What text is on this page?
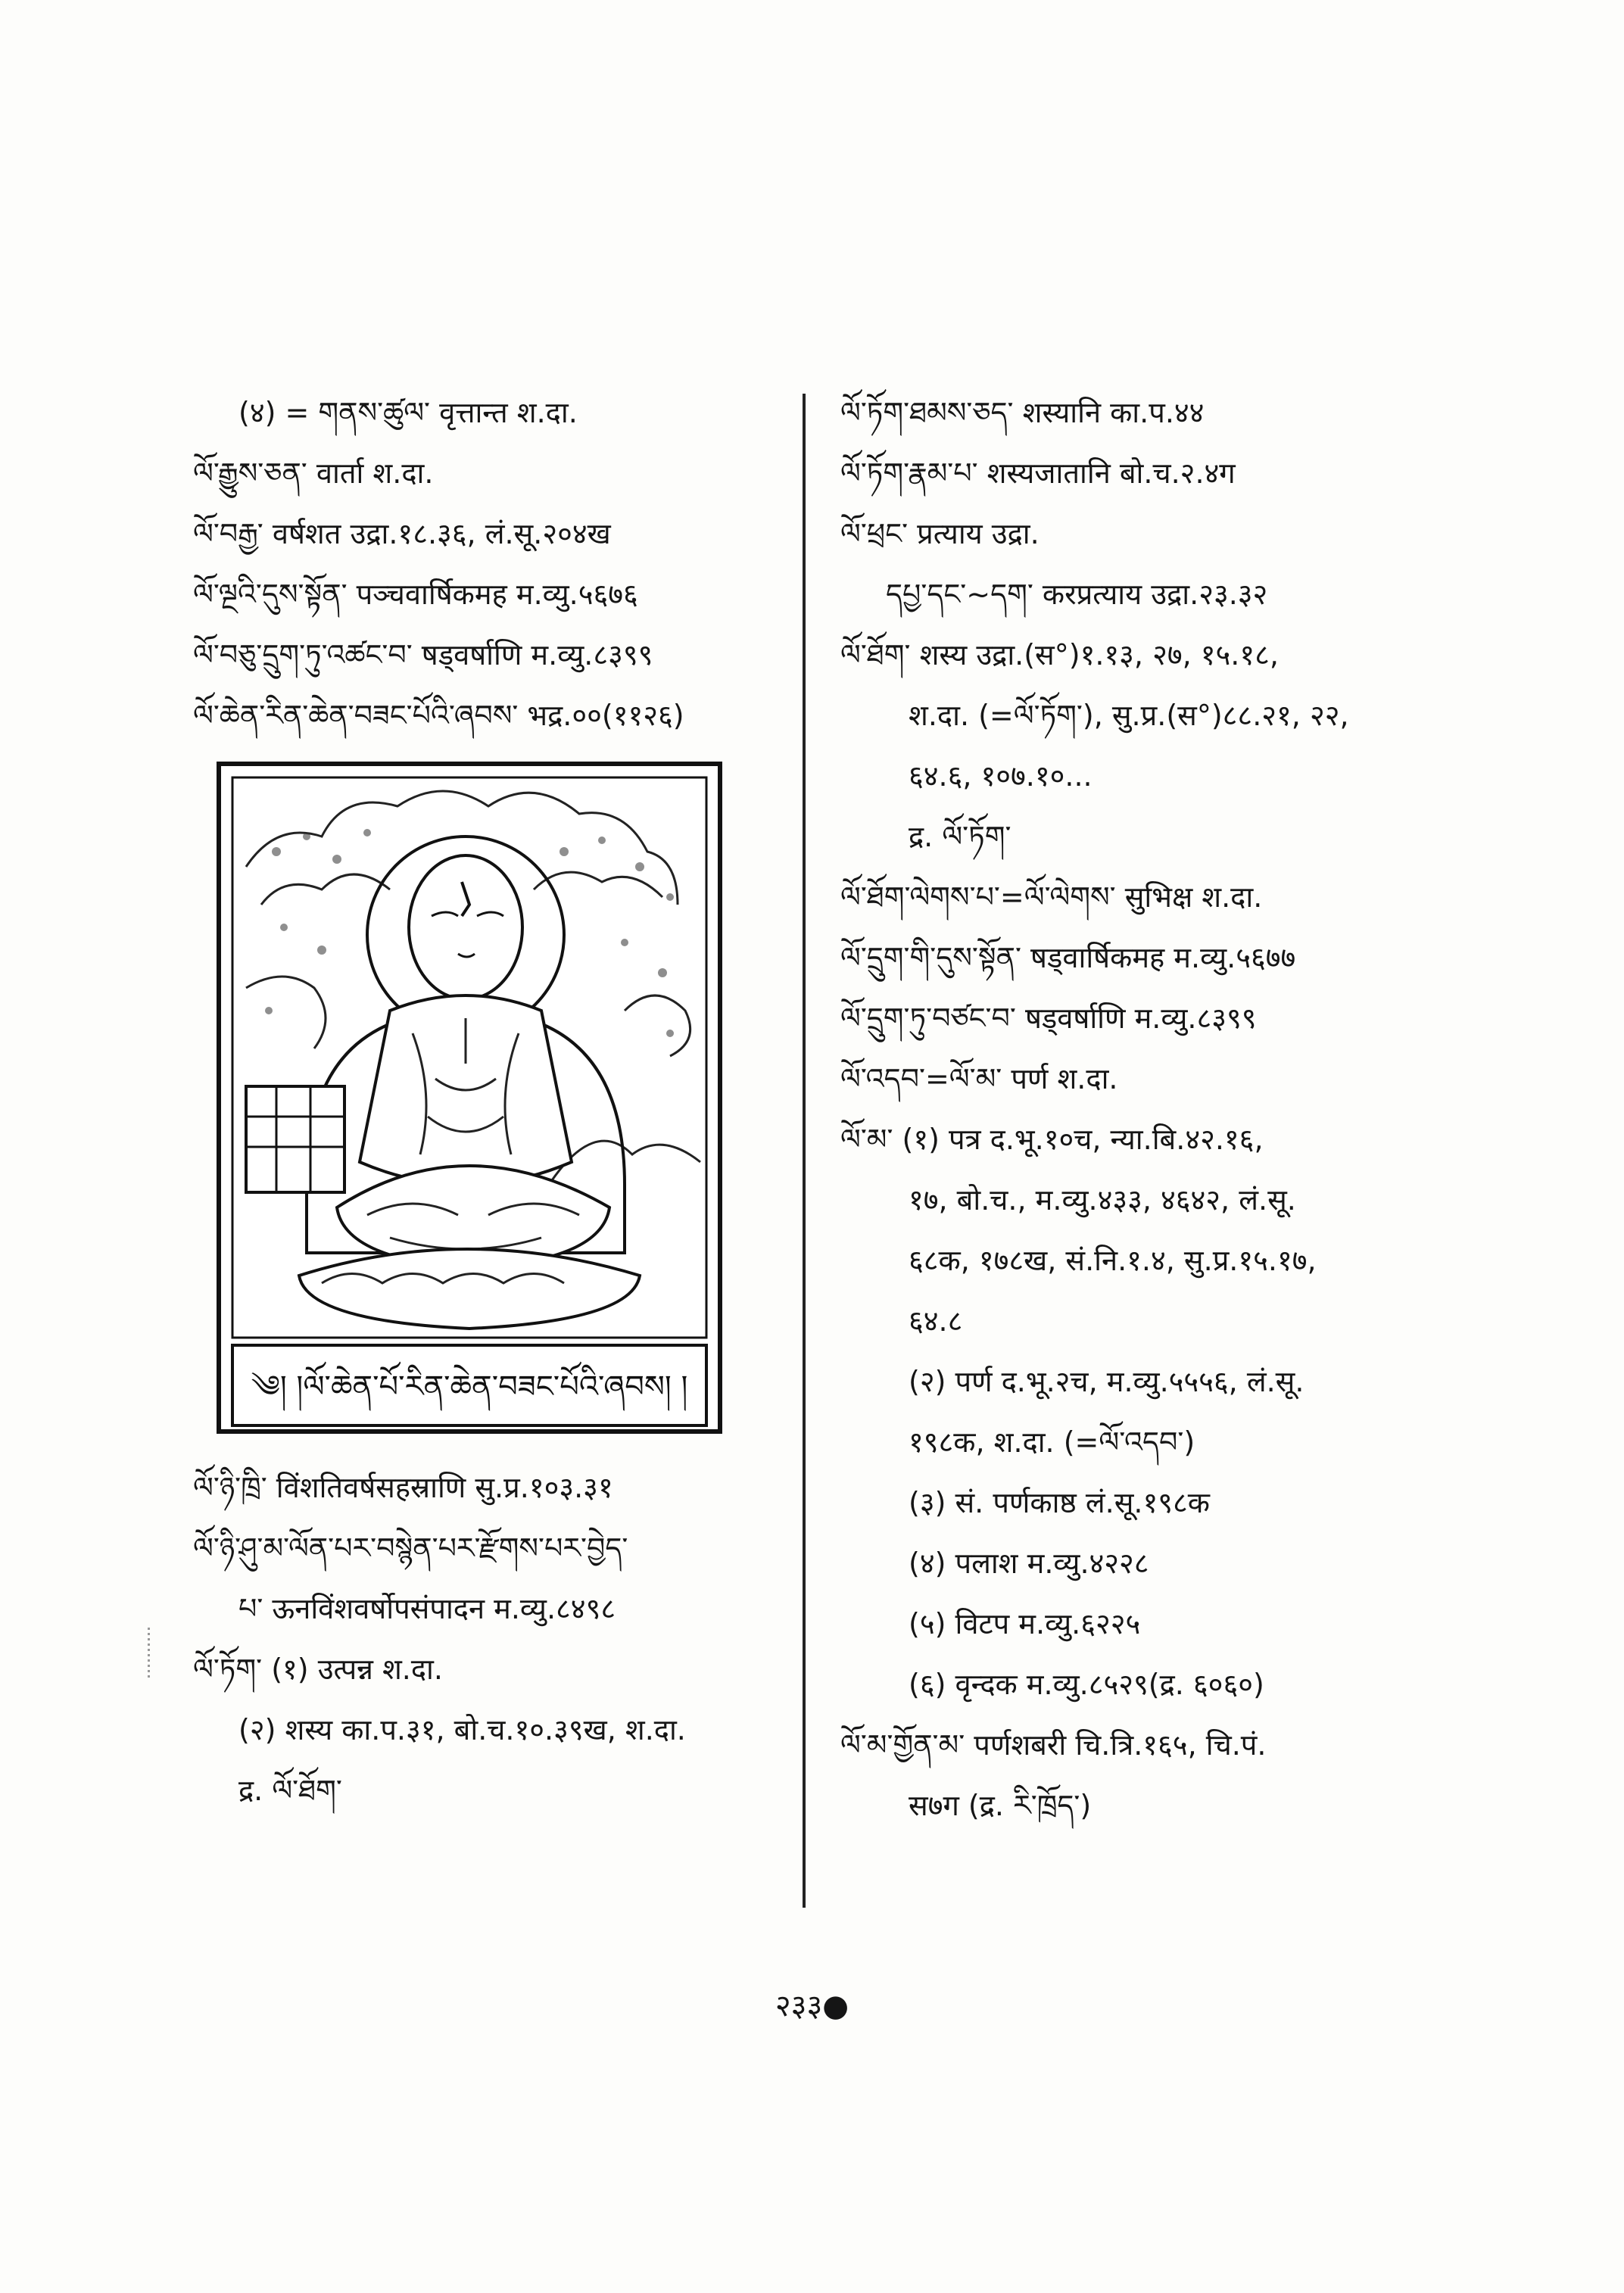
(४) = གནས་ཚུལ་ वृत्तान्त श.दा.
ལོ་རྒྱུས་ཅན་ वार्ता श.दा.
ལོ་བརྒྱ་ वर्षशत उद्रा.१८.३६, लं.सू.२०४ख
ལོ་ལྔའི་དུས་སྟོན་ पञ्चवार्षिकमह म.व्यु.५६७६
ལོ་བཅུ་དྲུག་ཏུ་འཚང་བ་ षड्वर्षाणि म.व्यु.८३९९
ལོ་ཆེན་རིན་ཆེན་བཟང་པོའི་ཞབས་ भद्र.००(११२६)
༄། །ལོ་ཆེན་པོ་རིན་ཆེན་བཟང་པོའི་ཞབས། །
ལོ་ཉི་ཁྲི་ विंशतिवर्षसहस्राणि सु.प्र.१०३.३१
ལོ་ཉི་ཤུ་མ་ལོན་པར་བསྙེན་པར་རྫོགས་པར་བྱེད་
པ་ ऊनविंशवर्षोपसंपादन म.व्यु.८४९८
ལོ་ཏོག་ (१) उत्पन्न श.दा.
(२) शस्य का.प.३१, बो.च.१०.३९ख, श.दा.
द्र. ལོ་ཐོག་
ལོ་ཏོག་ཐམས་ཅད་ शस्यानि का.प.४४
ལོ་ཏོག་རྣམ་པ་ शस्यजातानि बो.च.२.४ग
ལོ་ཕྲང་ प्रत्याय उद्रा.
དཔྱ་དང་~དག་ करप्रत्याय उद्रा.२३.३२
ལོ་ཐོག་ शस्य उद्रा.(स°)१.१३, २७, १५.१८,
श.दा. (=ལོ་ཏོག་), सु.प्र.(स°)८८.२१, २२,
६४.६, १०७.१०...
द्र. ལོ་ཏོག་
ལོ་ཐོག་ལེགས་པ་=ལོ་ལེགས་ सुभिक्ष श.दा.
ལོ་དྲུག་གི་དུས་སྟོན་ षड्वार्षिकमह म.व्यु.५६७७
ལོ་དྲུག་ཏུ་བཙང་བ་ षड्वर्षाणि म.व्यु.८३९९
ལོ་འདབ་=ལོ་མ་ पर्ण श.दा.
ལོ་མ་ (१) पत्र द.भू.१०च, न्या.बि.४२.१६,
१७, बो.च., म.व्यु.४३३, ४६४२, लं.सू.
६८क, १७८ख, सं.नि.१.४, सु.प्र.१५.१७,
६४.८
(२) पर्ण द.भू.२च, म.व्यु.५५५६, लं.सू.
१९८क, श.दा. (=ལོ་འདབ་)
(३) सं. पर्णकाष्ठ लं.सू.१९८क
(४) पलाश म.व्यु.४२२८
(५) विटप म.व्यु.६२२५
(६) वृन्दक म.व्यु.८५२९(द्र. ६०६०)
ལོ་མ་གྱོན་མ་ पर्णशबरी चि.त्रि.१६५, चि.पं.
स७ग (द्र. རི་ཁྲོད་)
२३३●
